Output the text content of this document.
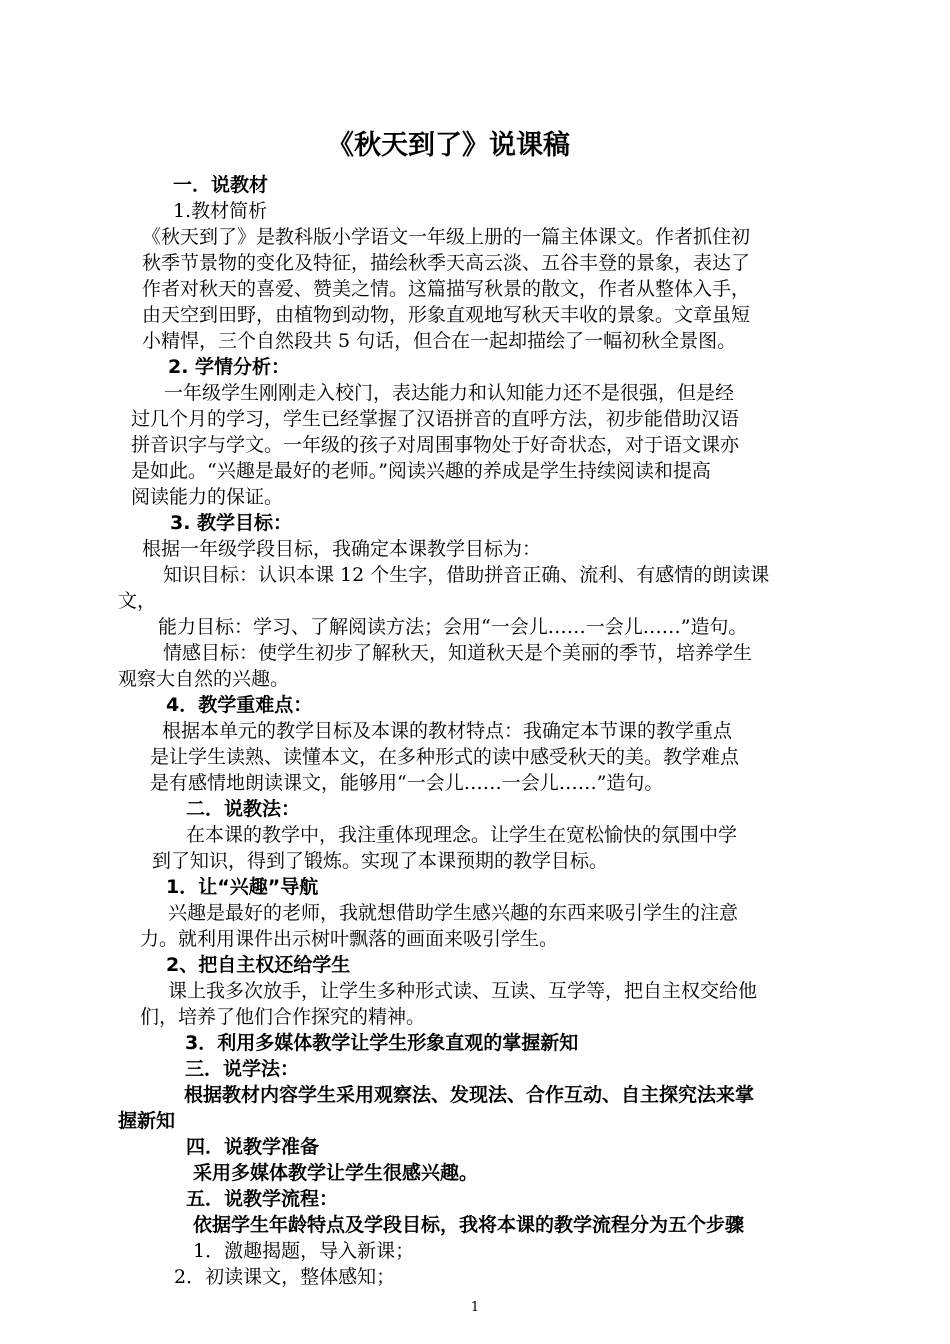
《秋天到了》说课稿
一．说教材
1.教材简析
《秋天到了》是教科版小学语文一年级上册的一篇主体课文。作者抓住初
秋季节景物的变化及特征，描绘秋季天高云淡、五谷丰登的景象，表达了
作者对秋天的喜爱、赞美之情。这篇描写秋景的散文，作者从整体入手，
由天空到田野，由植物到动物，形象直观地写秋天丰收的景象。文章虽短
小精悍，三个自然段共 5 句话，但合在一起却描绘了一幅初秋全景图。
2. 学情分析：
一年级学生刚刚走入校门，表达能力和认知能力还不是很强，但是经
过几个月的学习，学生已经掌握了汉语拼音的直呼方法，初步能借助汉语
拼音识字与学文。一年级的孩子对周围事物处于好奇状态，对于语文课亦
是如此。“兴趣是最好的老师。”阅读兴趣的养成是学生持续阅读和提高
阅读能力的保证。
3. 教学目标：
根据一年级学段目标，我确定本课教学目标为：
知识目标：认识本课 12 个生字，借助拼音正确、流利、有感情的朗读课
文，
能力目标：学习、了解阅读方法；会用“一会儿……一会儿……”造句。
情感目标：使学生初步了解秋天，知道秋天是个美丽的季节，培养学生
观察大自然的兴趣。
4．教学重难点：
根据本单元的教学目标及本课的教材特点：我确定本节课的教学重点
是让学生读熟、读懂本文，在多种形式的读中感受秋天的美。教学难点
是有感情地朗读课文，能够用“一会儿……一会儿……”造句。
二．说教法：
在本课的教学中，我注重体现理念。让学生在宽松愉快的氛围中学
到了知识，得到了锻炼。实现了本课预期的教学目标。
1．让“兴趣”导航
兴趣是最好的老师，我就想借助学生感兴趣的东西来吸引学生的注意
力。就利用课件出示树叶飘落的画面来吸引学生。
2、把自主权还给学生
课上我多次放手，让学生多种形式读、互读、互学等，把自主权交给他
们，培养了他们合作探究的精神。
3．利用多媒体教学让学生形象直观的掌握新知
三．说学法：
根据教材内容学生采用观察法、发现法、合作互动、自主探究法来掌
握新知
四．说教学准备
采用多媒体教学让学生很感兴趣。
五．说教学流程：
依据学生年龄特点及学段目标，我将本课的教学流程分为五个步骤
1．激趣揭题，导入新课；
2．初读课文，整体感知；
1
